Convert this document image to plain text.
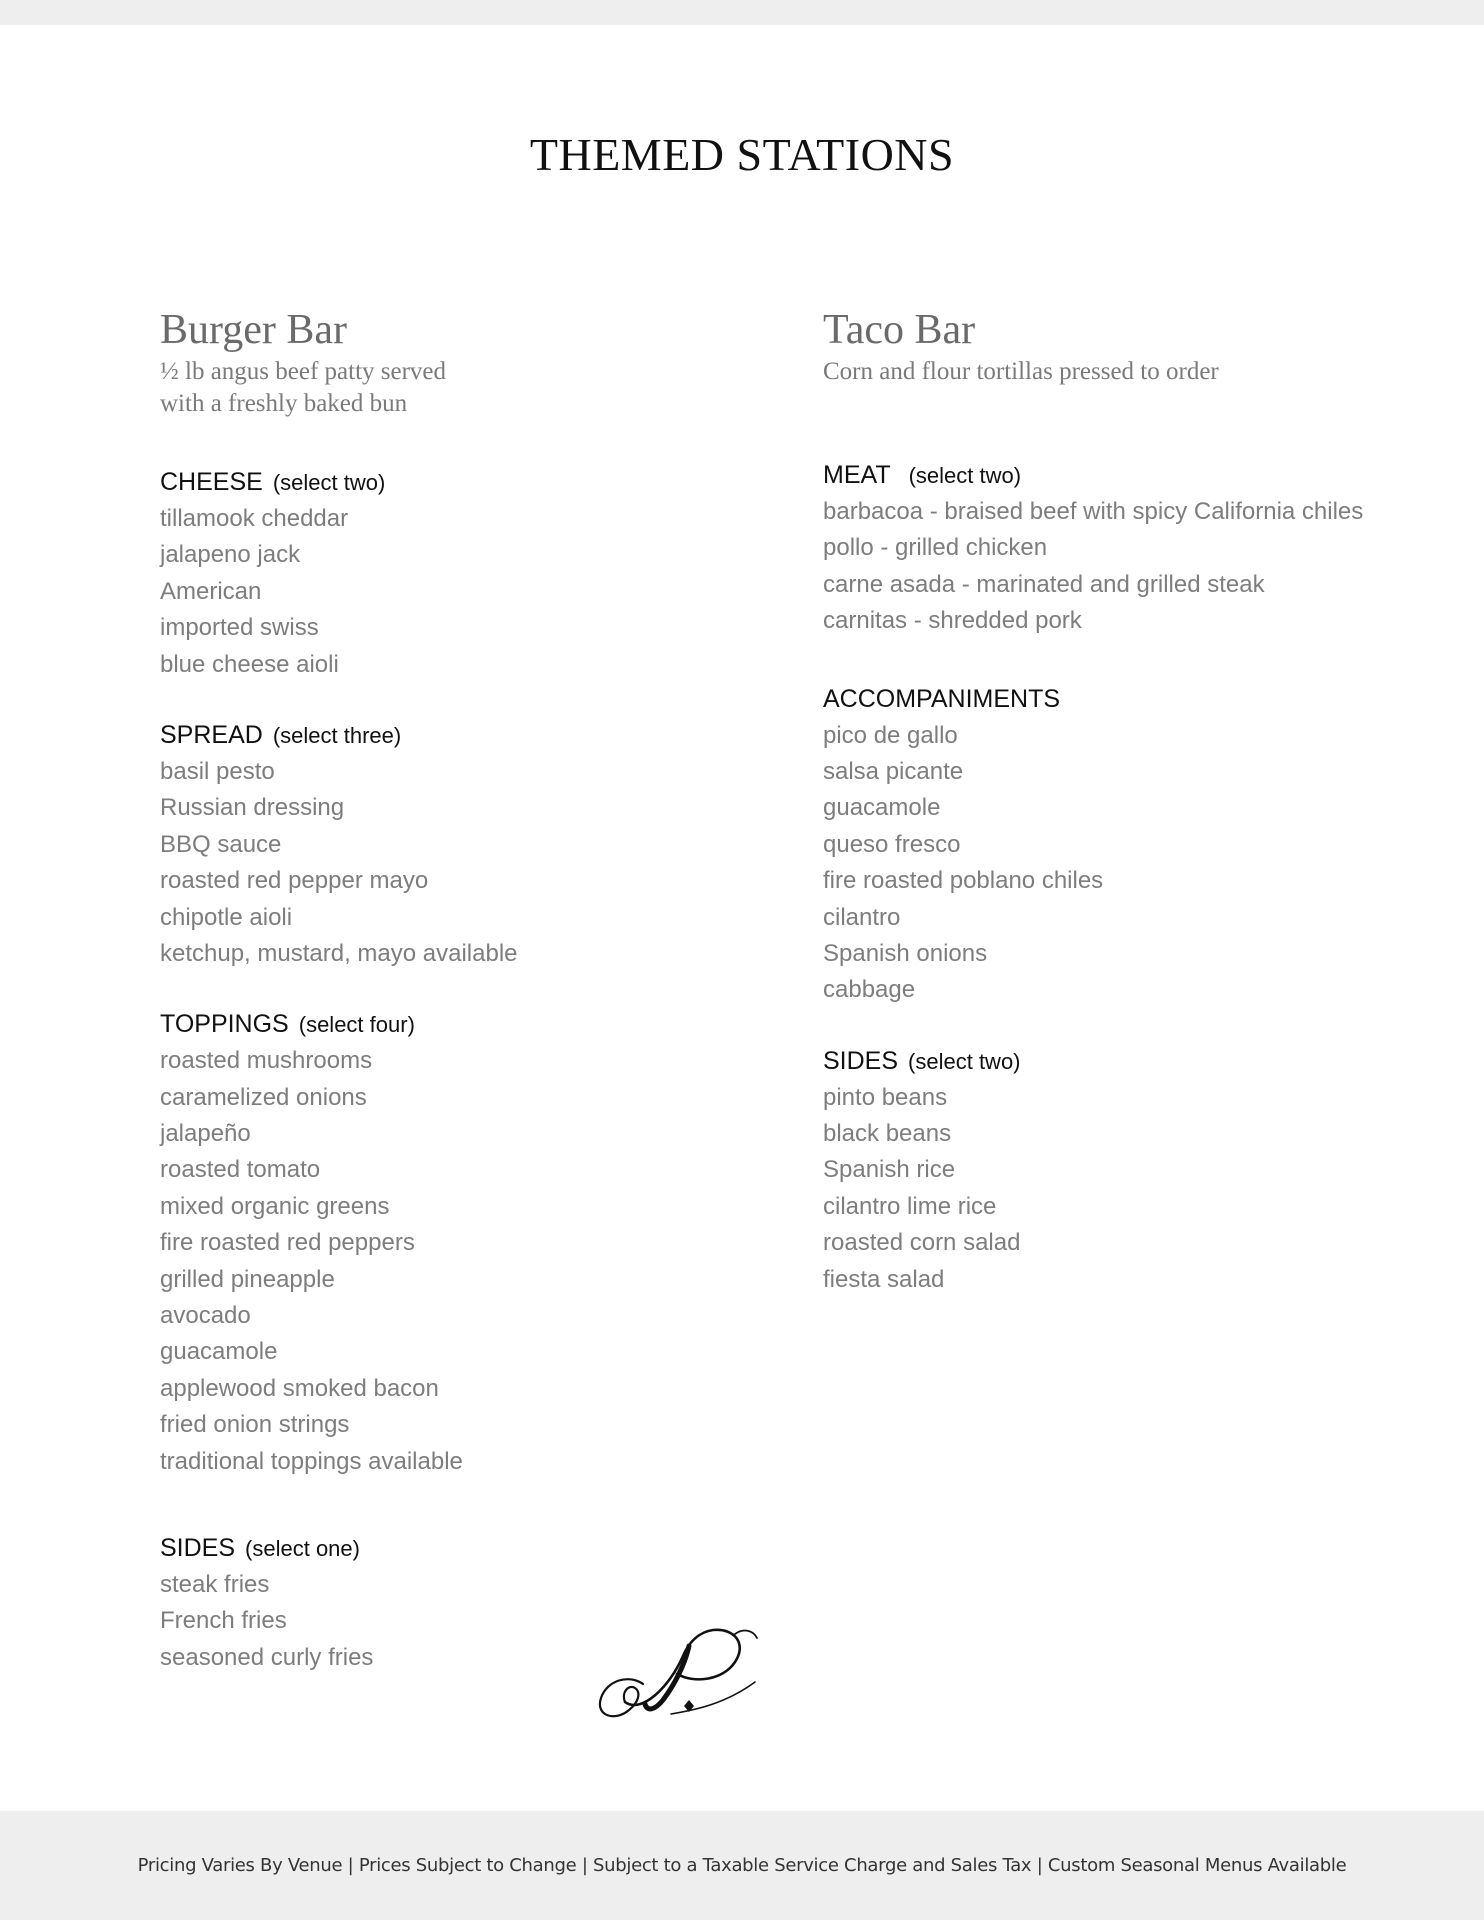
THEMED STATIONS
Burger Bar

½ lb angus beef patty served
with a freshly baked bun

CHEESE (select two)
tillamook cheddar
jalapeno jack
American
imported swiss
blue cheese aioli
SPREAD (select three)
basil pesto
Russian dressing
BBQ sauce
roasted red pepper mayo
chipotle aioli
ketchup, mustard, mayo available
TOPPINGS (select four)
roasted mushrooms
caramelized onions
jalapeño
roasted tomato
mixed organic greens
fire roasted red peppers
grilled pineapple
avocado
guacamole
applewood smoked bacon
fried onion strings
traditional toppings available
SIDES (select one)
steak fries
French fries
seasoned curly fries
Taco Bar

Corn and flour tortillas pressed to order

MEAT (select two)
barbacoa - braised beef with spicy California chiles
pollo - grilled chicken
carne asada - marinated and grilled steak
carnitas - shredded pork
ACCOMPANIMENTS
pico de gallo
salsa picante
guacamole
queso fresco
fire roasted poblano chiles
cilantro
Spanish onions
cabbage
SIDES (select two)
pinto beans
black beans
Spanish rice
cilantro lime rice
roasted corn salad
fiesta salad
Pricing Varies By Venue | Prices Subject to Change | Subject to a Taxable Service Charge and Sales Tax | Custom Seasonal Menus Available
